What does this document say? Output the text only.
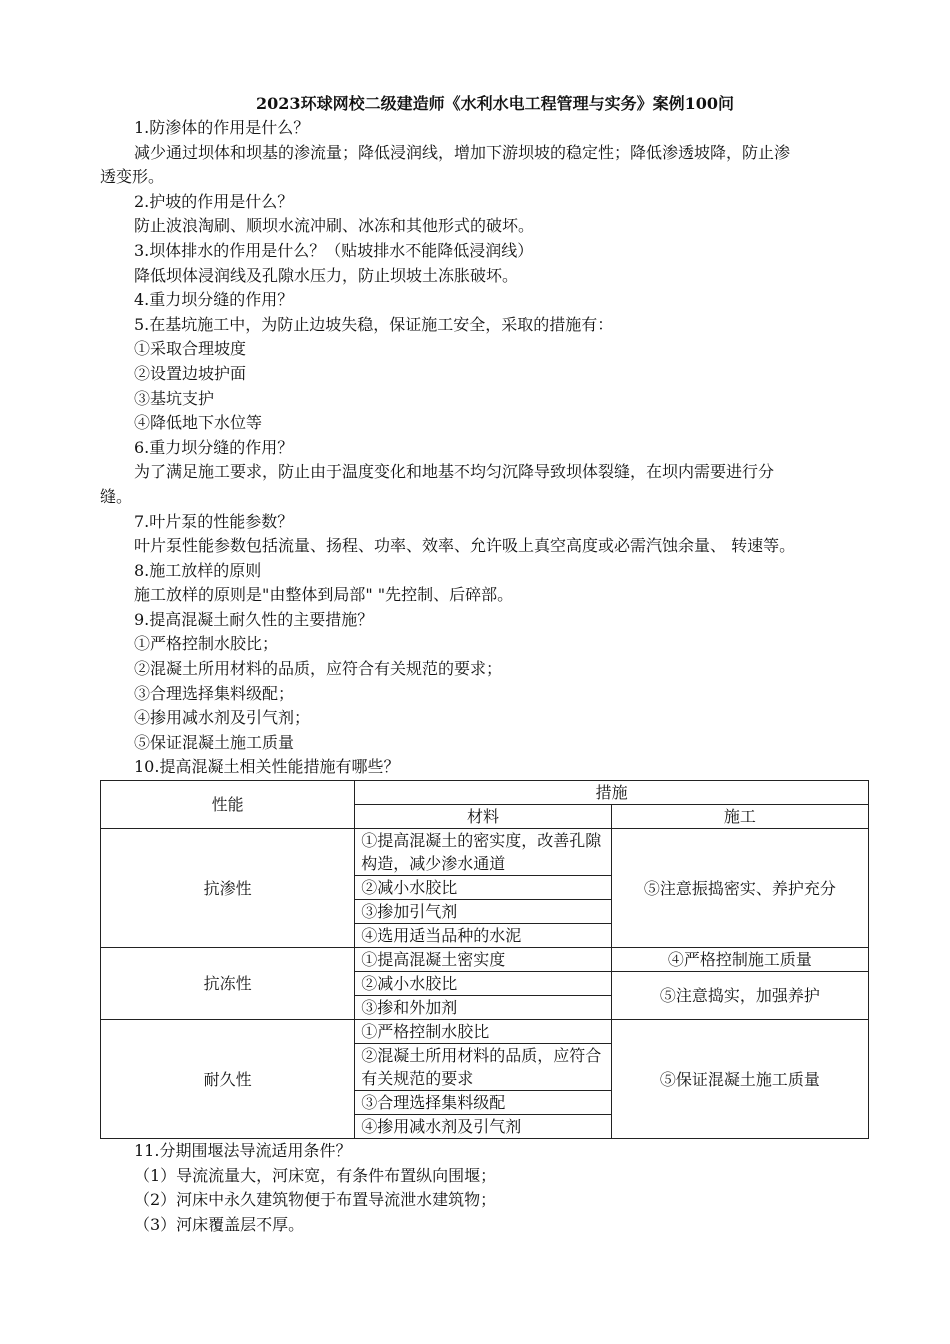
2023环球网校二级建造师《水利水电工程管理与实务》案例100问
1.防渗体的作用是什么？
减少通过坝体和坝基的渗流量；降低浸润线，增加下游坝坡的稳定性；降低渗透坡降，防止渗
透变形。
2.护坡的作用是什么？
防止波浪淘刷、顺坝水流冲刷、冰冻和其他形式的破坏。
3.坝体排水的作用是什么？（贴坡排水不能降低浸润线）
降低坝体浸润线及孔隙水压力，防止坝坡土冻胀破坏。
4.重力坝分缝的作用？
5.在基坑施工中，为防止边坡失稳，保证施工安全，采取的措施有：
①采取合理坡度
②设置边坡护面
③基坑支护
④降低地下水位等
6.重力坝分缝的作用？
为了满足施工要求，防止由于温度变化和地基不均匀沉降导致坝体裂缝，在坝内需要进行分
缝。
7.叶片泵的性能参数？
叶片泵性能参数包括流量、扬程、功率、效率、允许吸上真空高度或必需汽蚀余量、 转速等。
8.施工放样的原则
施工放样的原则是"由整体到局部" "先控制、后碎部。
9.提高混凝土耐久性的主要措施？
①严格控制水胶比；
②混凝土所用材料的品质，应符合有关规范的要求；
③合理选择集料级配；
④掺用减水剂及引气剂；
⑤保证混凝土施工质量
10.提高混凝土相关性能措施有哪些？
性能	措施	
	材料	施工
抗渗性	①提高混凝土的密实度，改善孔隙构造，减少渗水通道	⑤注意振捣密实、养护充分
	②减小水胶比	
	③掺加引气剂	
	④选用适当品种的水泥	
抗冻性	①提高混凝土密实度	④严格控制施工质量
	②减小水胶比	⑤注意捣实，加强养护
	③掺和外加剂	
耐久性	①严格控制水胶比	⑤保证混凝土施工质量
	②混凝土所用材料的品质，应符合有关规范的要求	
	③合理选择集料级配	
	④掺用减水剂及引气剂	
11.分期围堰法导流适用条件？
（1）导流流量大，河床宽，有条件布置纵向围堰；
（2）河床中永久建筑物便于布置导流泄水建筑物；
（3）河床覆盖层不厚。
